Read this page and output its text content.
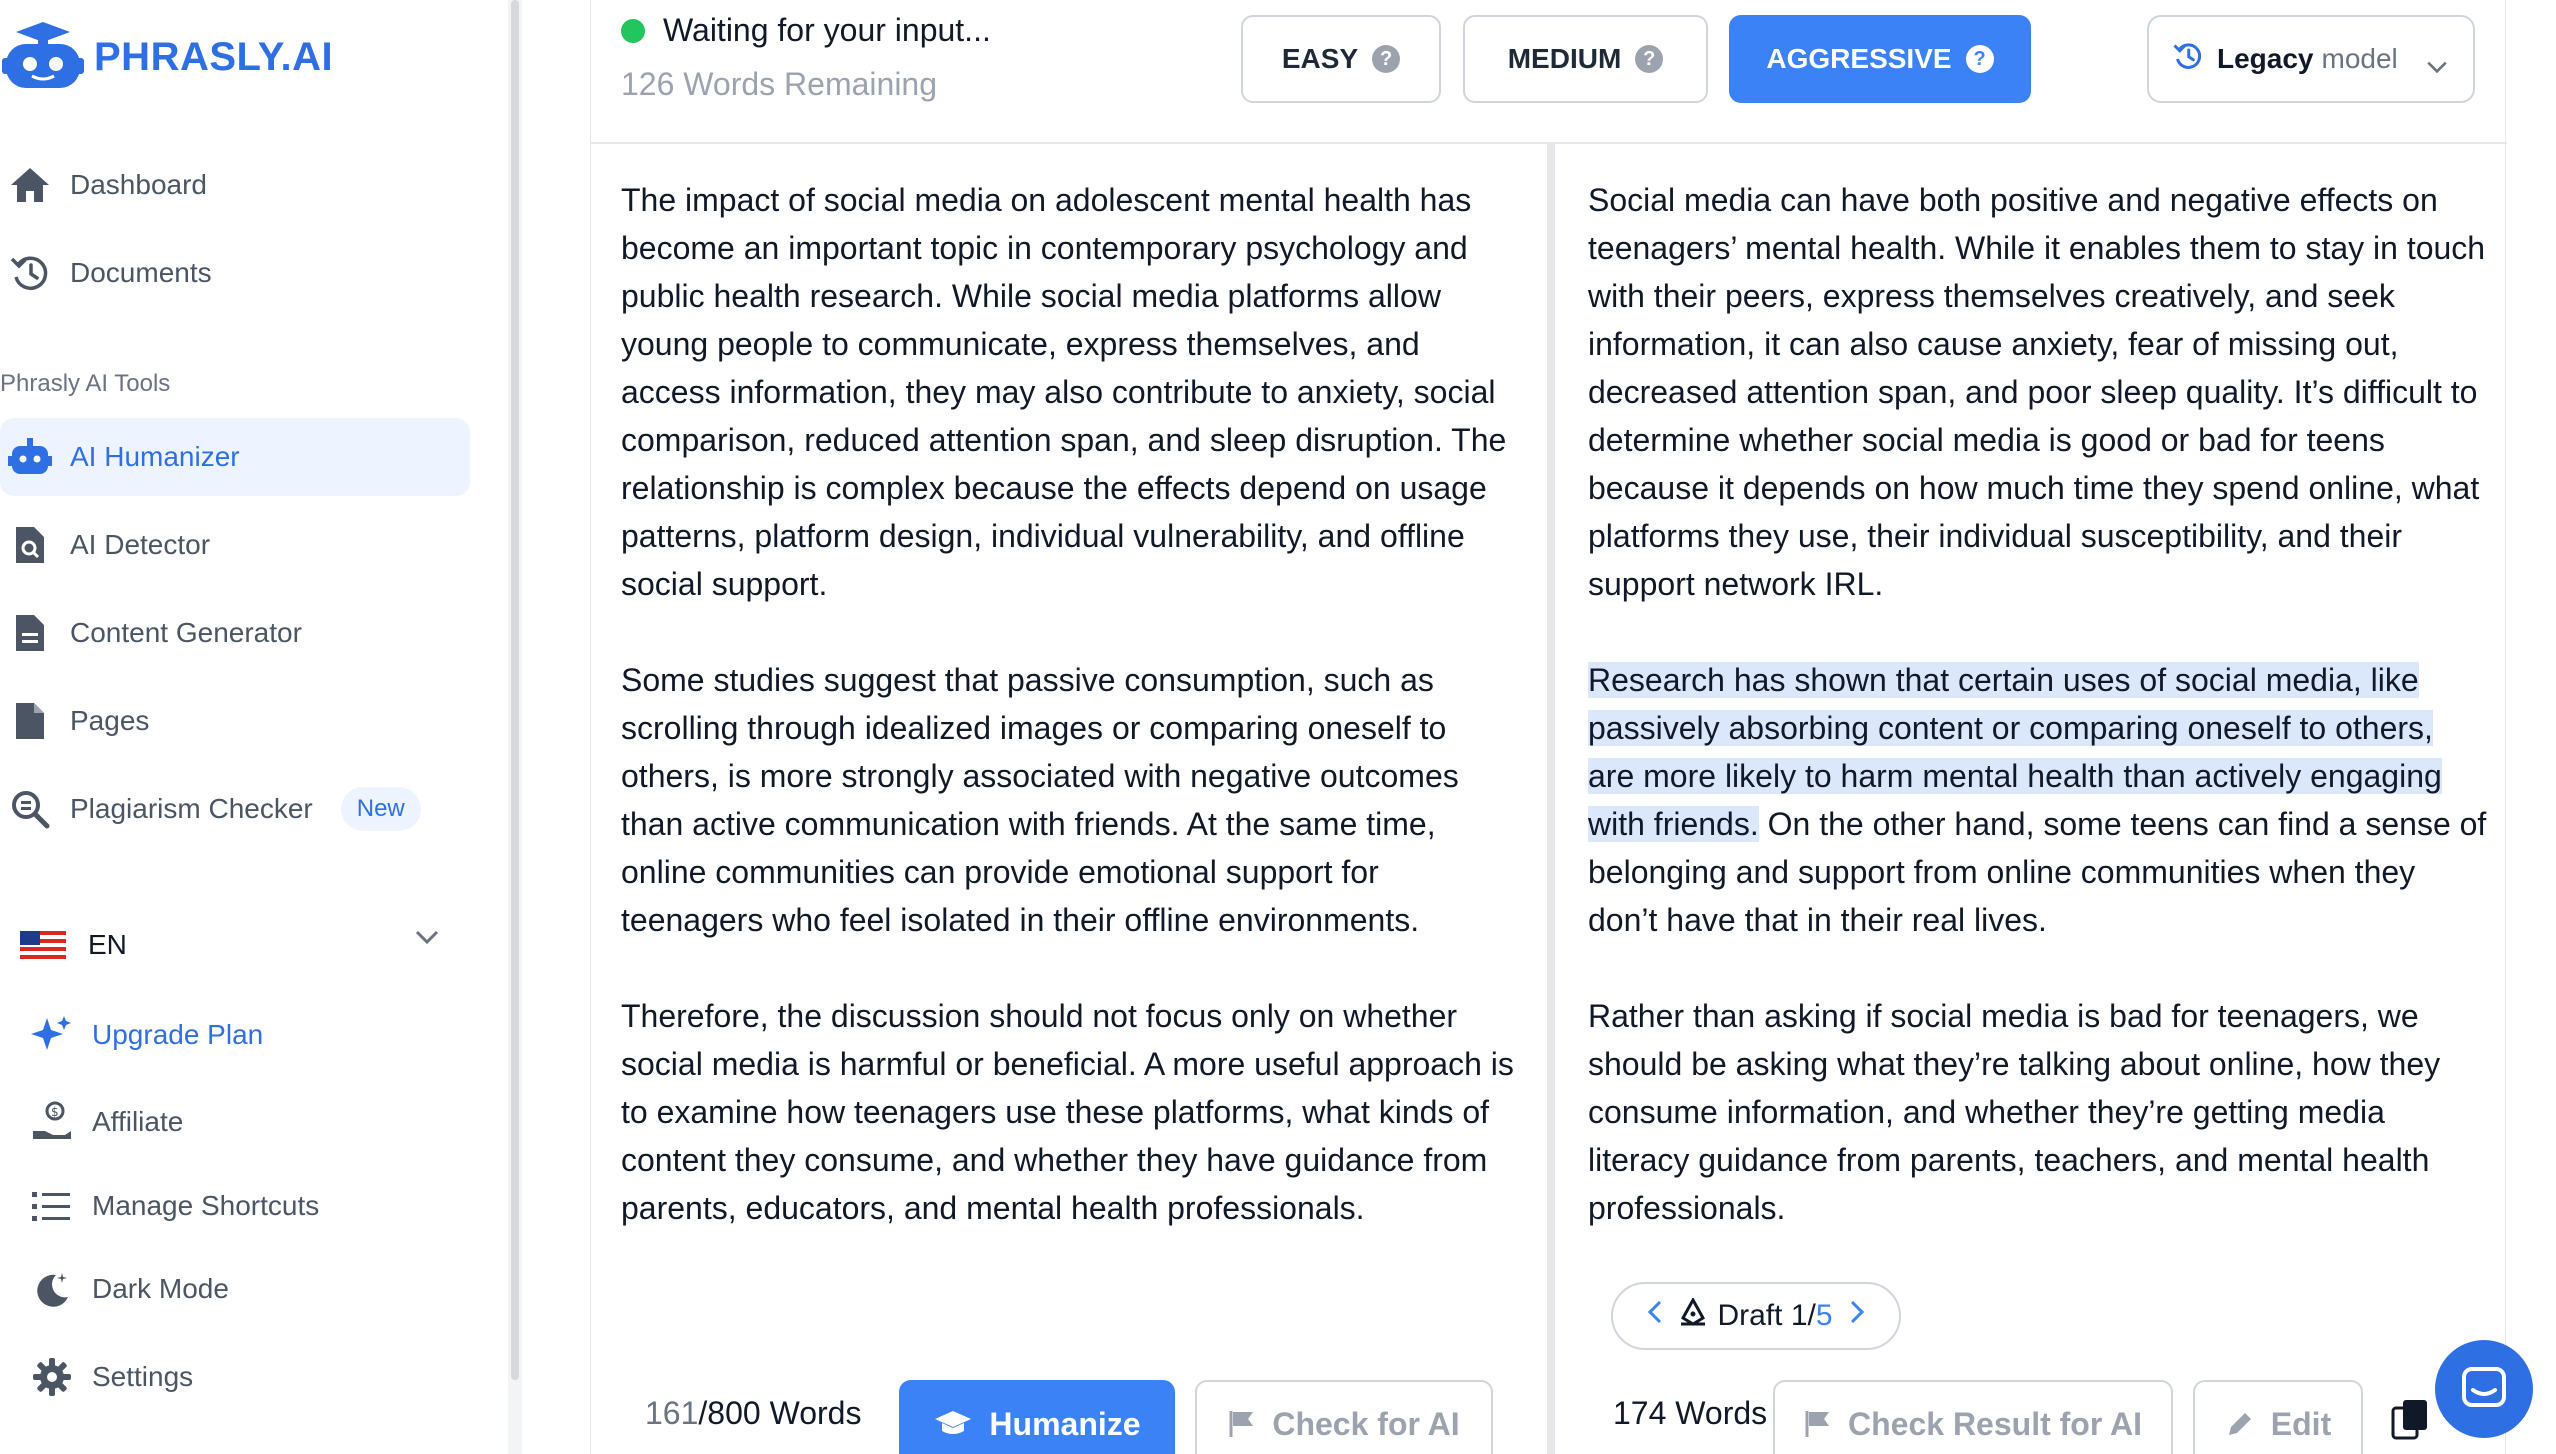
PHRASLY.AI
Dashboard
Documents
Phrasly AI Tools
AI Humanizer
AI Detector
Content Generator
Pages
Plagiarism Checker	New
EN
Upgrade Plan
$ Affiliate
Manage Shortcuts
Dark Mode
Settings
Waiting for your input...
126 Words Remaining
EASY	?	MEDIUM	?	AGGRESSIVE	?	Legacy model

The impact of social media on adolescent mental health has become an important topic in contemporary psychology and public health research. While social media platforms allow young people to communicate, express themselves, and access information, they may also contribute to anxiety, social comparison, reduced attention span, and sleep disruption. The relationship is complex because the effects depend on usage patterns, platform design, individual vulnerability, and offline social support.

Some studies suggest that passive consumption, such as scrolling through idealized images or comparing oneself to others, is more strongly associated with negative outcomes than active communication with friends. At the same time, online communities can provide emotional support for teenagers who feel isolated in their offline environments.

Therefore, the discussion should not focus only on whether social media is harmful or beneficial. A more useful approach is to examine how teenagers use these platforms, what kinds of content they consume, and whether they have guidance from parents, educators, and mental health professionals.

Social media can have both positive and negative effects on teenagers’ mental health. While it enables them to stay in touch with their peers, express themselves creatively, and seek information, it can also cause anxiety, fear of missing out, decreased attention span, and poor sleep quality. It’s difficult to determine whether social media is good or bad for teens because it depends on how much time they spend online, what platforms they use, their individual susceptibility, and their support network IRL.

Research has shown that certain uses of social media, like passively absorbing content or comparing oneself to others, are more likely to harm mental health than actively engaging with friends. On the other hand, some teens can find a sense of belonging and support from online communities when they don’t have that in their real lives.

Rather than asking if social media is bad for teenagers, we should be asking what they’re talking about online, how they consume information, and whether they’re getting media literacy guidance from parents, teachers, and mental health professionals.

Draft 1/ 5
161/800 Words	Humanize	Check for AI	174 Words	Check Result for AI	Edit
